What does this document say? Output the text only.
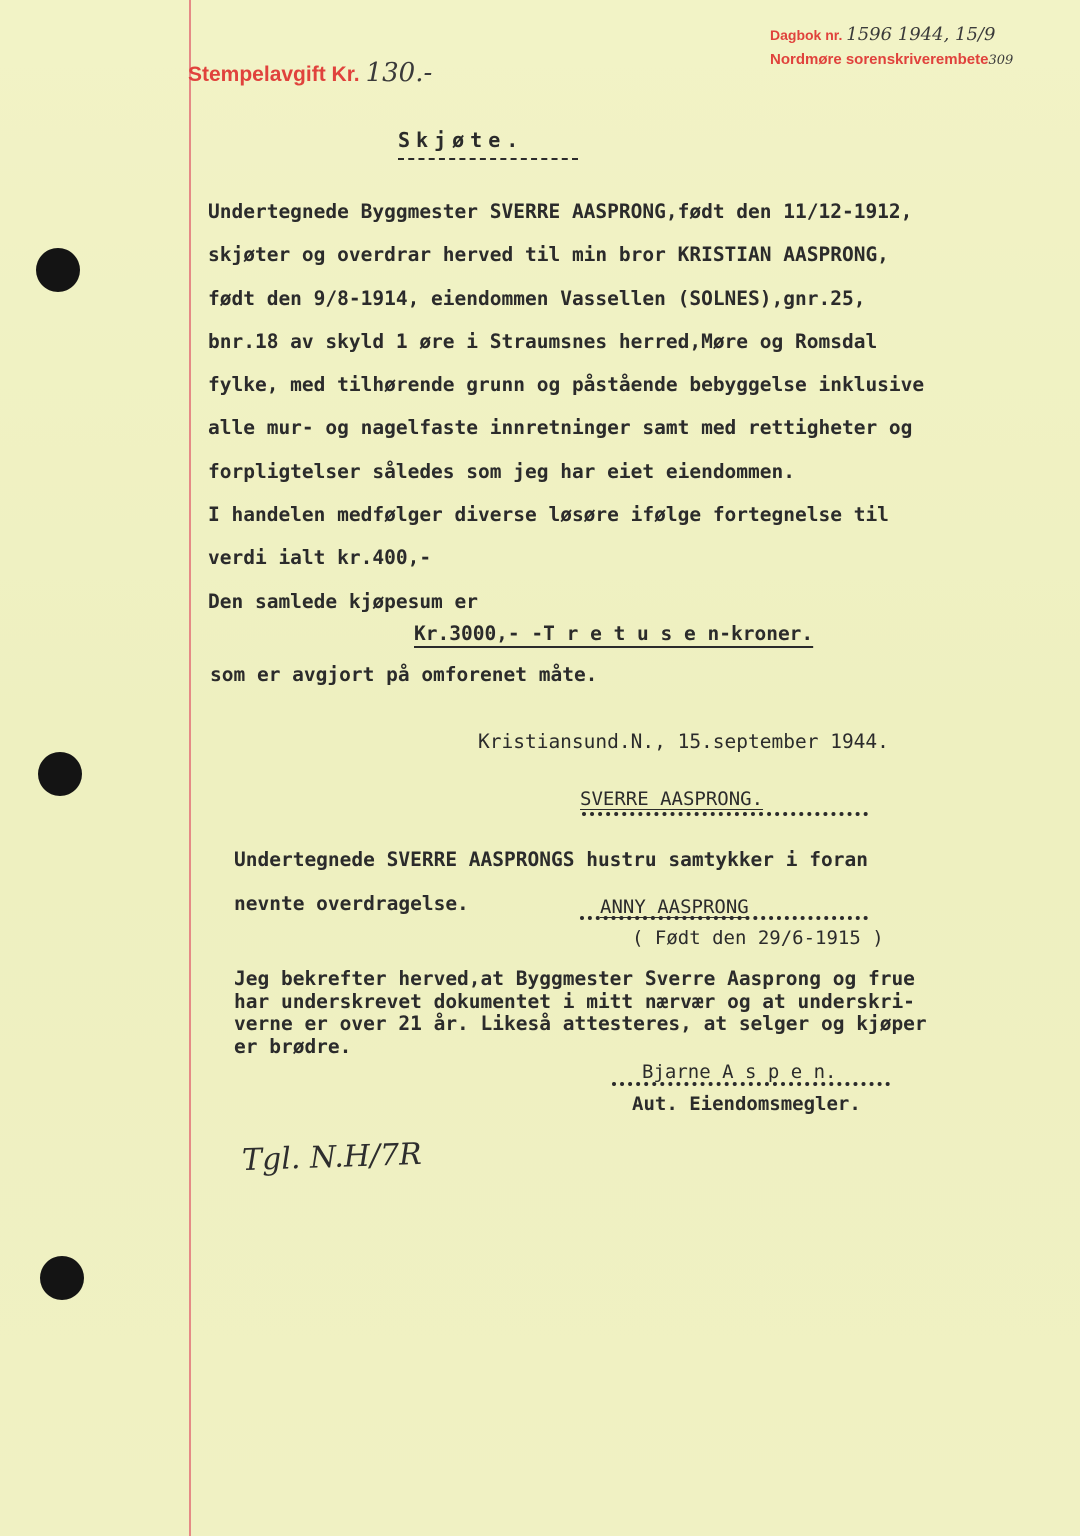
Stempelavgift Kr. 130.-
Dagbok nr. 1596 1944, 15/9
Nordmøre sorenskriverembete309
Skjøte.
Undertegnede Byggmester SVERRE AASPRONG,født den 11/12-1912,
skjøter og overdrar herved til min bror KRISTIAN AASPRONG,
født den 9/8-1914, eiendommen Vassellen (SOLNES),gnr.25,
bnr.18 av skyld 1 øre i Straumsnes herred,Møre og Romsdal
fylke, med tilhørende grunn og påstående bebyggelse inklusive
alle mur- og nagelfaste innretninger samt med rettigheter og
forpligtelser således som jeg har eiet eiendommen.
I handelen medfølger diverse løsøre ifølge fortegnelse til
verdi ialt kr.400,-
Den samlede kjøpesum er
Kr.3000,- -T r e t u s e n-kroner.
som er avgjort på omforenet måte.
Kristiansund.N., 15.september 1944.
SVERRE AASPRONG.
Undertegnede SVERRE AASPRONGS hustru samtykker i foran
nevnte overdragelse.	ANNY AASPRONG
( Født den 29/6-1915 )
Jeg bekrefter herved,at Byggmester Sverre Aasprong og frue
har underskrevet dokumentet i mitt nærvær og at underskri-
verne er over 21 år. Likeså attesteres, at selger og kjøper
er brødre.
Bjarne A s p e n.
Aut. Eiendomsmegler.
Tgl. N.H/7R
